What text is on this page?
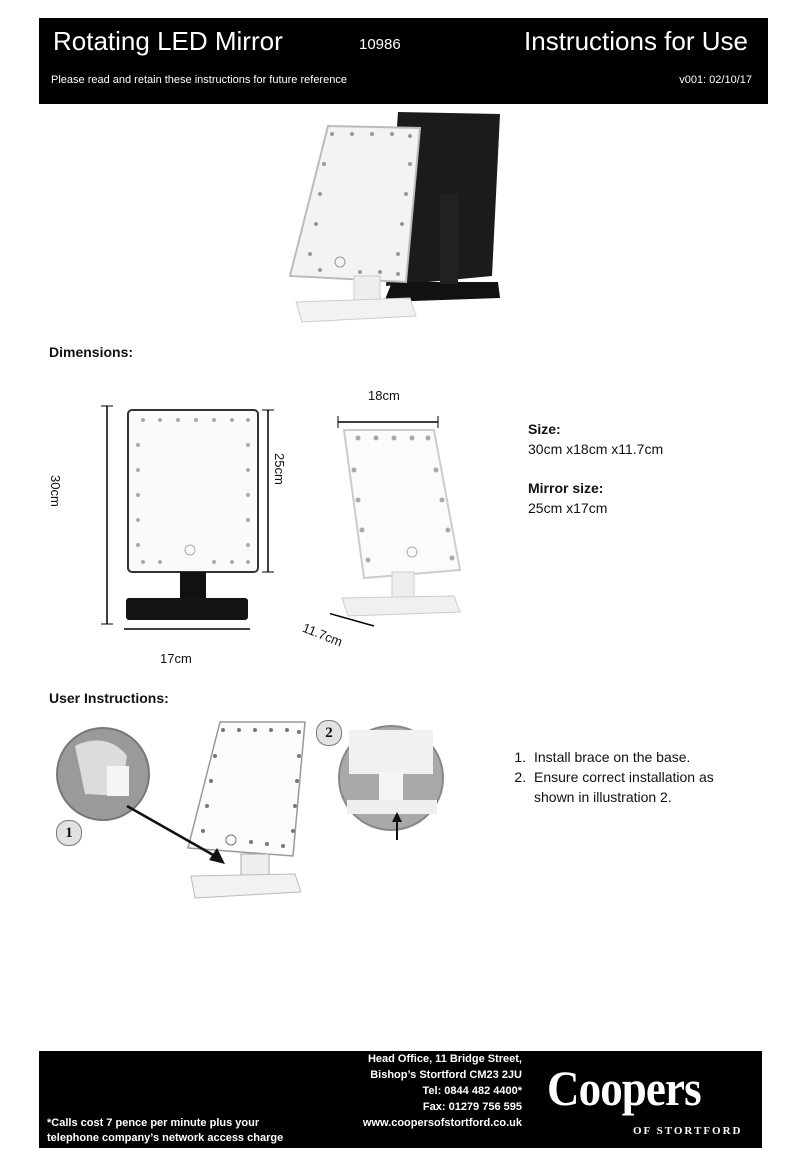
Rotating LED Mirror	10986	Instructions for Use
Please read and retain these instructions for future reference	v001: 02/10/17
Dimensions:
30cm
25cm
17cm
18cm
11.7cm
Size:
30cm x18cm x11.7cm
Mirror size:
25cm x17cm
User Instructions:
1
2
1. Install brace on the base.
2. Ensure correct installation as shown in illustration 2.
*Calls cost 7 pence per minute plus your
telephone company’s network access charge
Head Office, 11 Bridge Street,
Bishop’s Stortford CM23 2JU
Tel: 0844 482 4400*
Fax: 01279 756 595
www.coopersofstortford.co.uk
Coopers
OF STORTFORD
